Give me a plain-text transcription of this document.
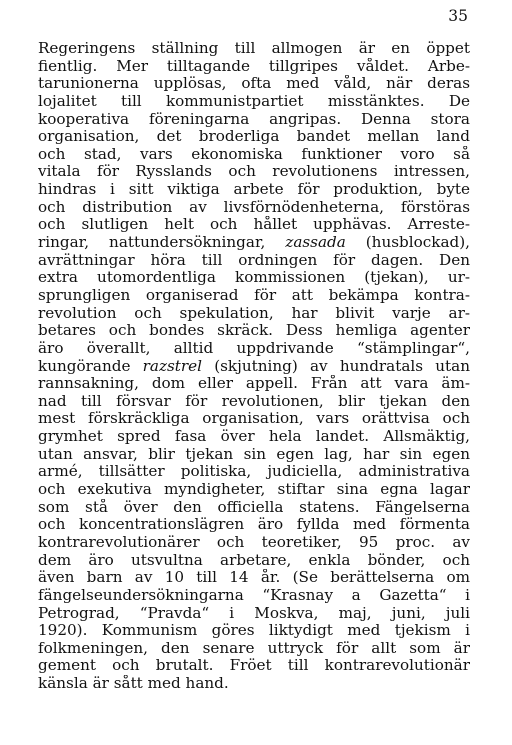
35
Regeringens ställning till allmogen är en öppet
fientlig. Mer tilltagande tillgripes våldet. Arbe-
tarunionerna upplösas, ofta med våld, när deras
lojalitet till kommunistpartiet misstänktes. De
kooperativa föreningarna angripas. Denna stora
organisation, det broderliga bandet mellan land
och stad, vars ekonomiska funktioner voro så
vitala för Rysslands och revolutionens intressen,
hindras i sitt viktiga arbete för produktion, byte
och distribution av livsförnödenheterna, förstöras
och slutligen helt och hållet upphävas. Arreste-
ringar, nattundersökningar, zassada (husblockad),
avrättningar höra till ordningen för dagen. Den
extra utomordentliga kommissionen (tjekan), ur-
sprungligen organiserad för att bekämpa kontra-
revolution och spekulation, har blivit varje ar-
betares och bondes skräck. Dess hemliga agenter
äro överallt, alltid uppdrivande “stämplingar“,
kungörande razstrel (skjutning) av hundratals utan
rannsakning, dom eller appell. Från att vara äm-
nad till försvar för revolutionen, blir tjekan den
mest förskräckliga organisation, vars orättvisa och
grymhet spred fasa över hela landet. Allsmäktig,
utan ansvar, blir tjekan sin egen lag, har sin egen
armé, tillsätter politiska, judiciella, administrativa
och exekutiva myndigheter, stiftar sina egna lagar
som stå över den officiella statens. Fängelserna
och koncentrationslägren äro fyllda med förmenta
kontrarevolutionärer och teoretiker, 95 proc. av
dem äro utsvultna arbetare, enkla bönder, och
även barn av 10 till 14 år. (Se berättelserna om
fängelseundersökningarna “Krasnay a Gazetta“ i
Petrograd, “Pravda“ i Moskva, maj, juni, juli
1920). Kommunism göres liktydigt med tjekism i
folkmeningen, den senare uttryck för allt som är
gement och brutalt. Fröet till kontrarevolutionär
känsla är sått med hand.
